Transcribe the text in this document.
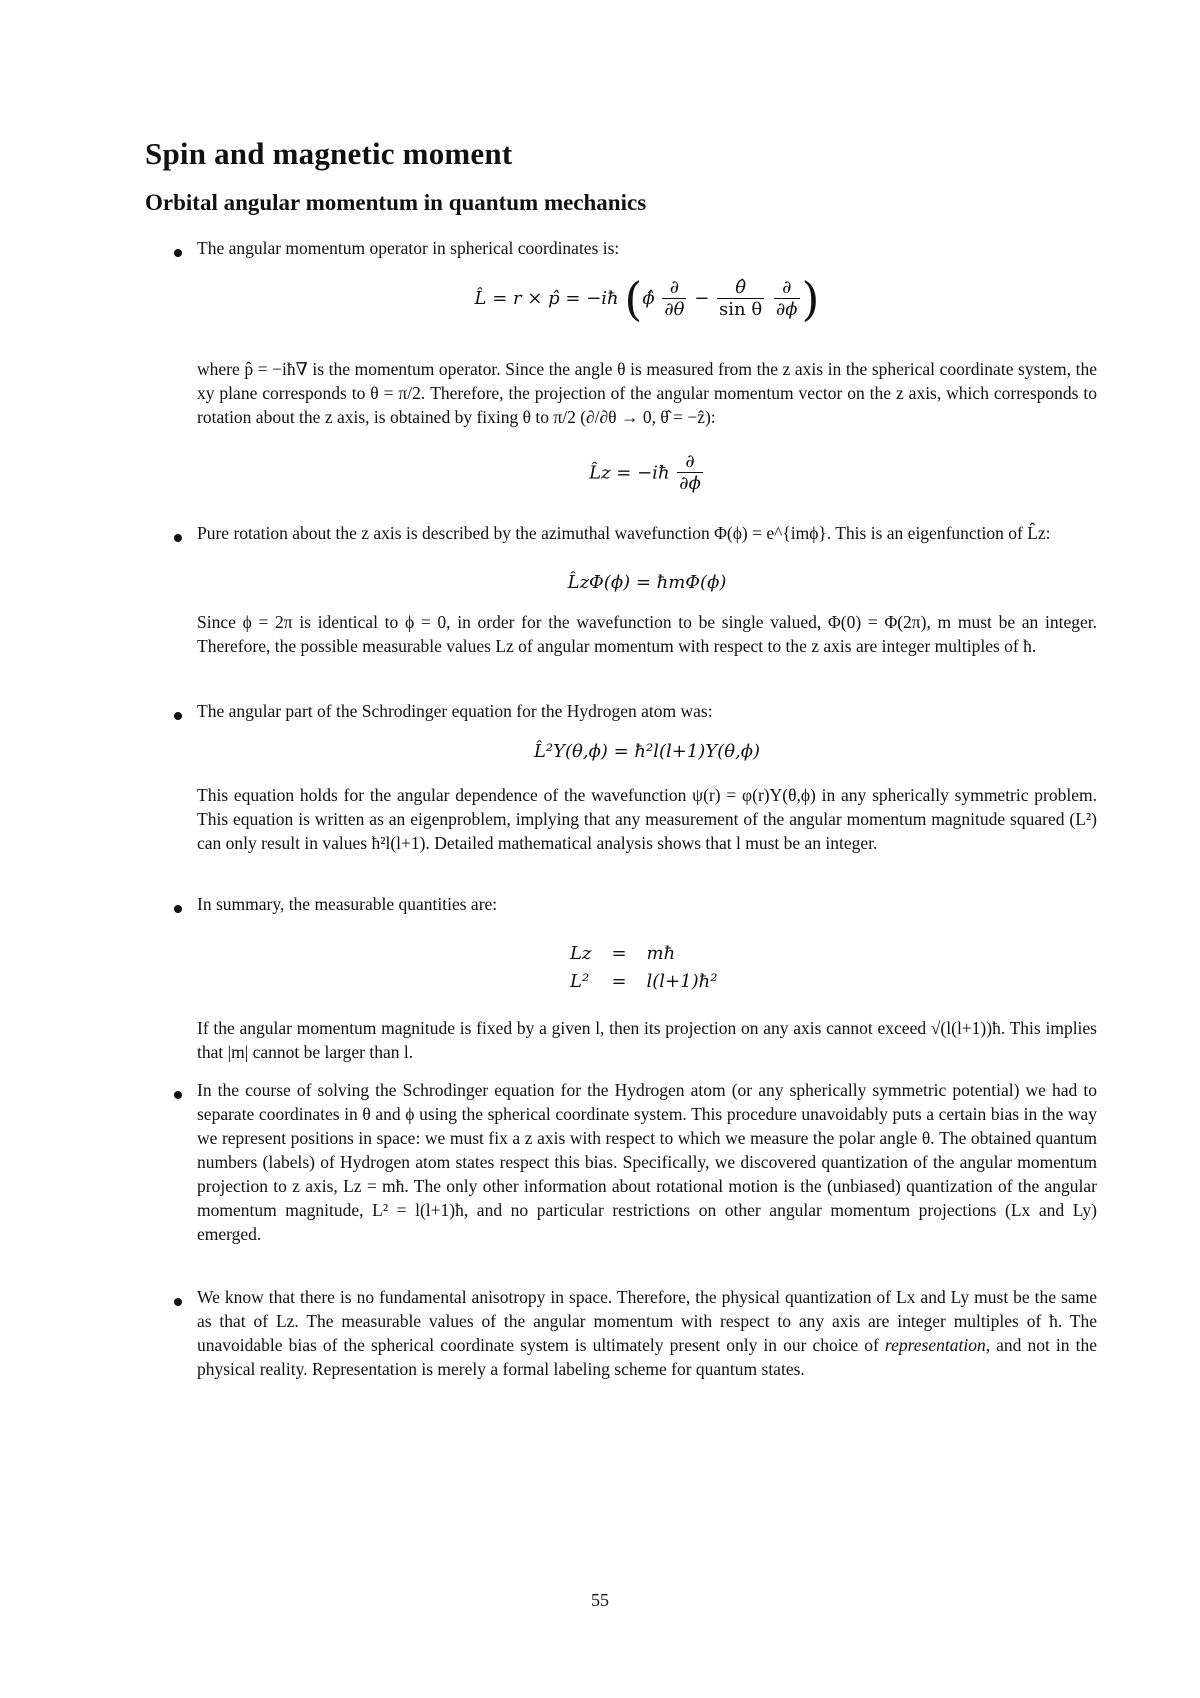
Spin and magnetic moment
Orbital angular momentum in quantum mechanics

The angular momentum operator in spherical coordinates is:

L̂ = r × p̂ = −iħ (ϕ̂ $\frac{\partial}{\partial\theta} - \frac{\thetâ}{\text{sin θ}}$
$\frac{\partial}{\partial\phi}$ )

where p̂ = −iħ∇ is the momentum operator. Since the angle θ is measured from the z axis in the spherical coordinate system, the xy plane corresponds to θ = π/2. Therefore, the projection of the angular momentum vector on the z axis, which corresponds to rotation about the z axis, is obtained by fixing θ to π/2 (∂/∂θ → 0, θ̂ = −ẑ):

L̂z = −iħ $\frac{\partial}{\partial\phi}$

Pure rotation about the z axis is described by the azimuthal wavefunction Φ(ϕ) = e^{imϕ}. This is an eigenfunction of L̂z:

L̂zΦ(ϕ) = ħmΦ(ϕ)

Since ϕ = 2π is identical to ϕ = 0, in order for the wavefunction to be single valued, Φ(0) = Φ(2π), m must be an integer. Therefore, the possible measurable values Lz of angular momentum with respect to the z axis are integer multiples of ħ.

The angular part of the Schrodinger equation for the Hydrogen atom was:

L̂²Y(θ,ϕ) = ħ²l(l+1)Y(θ,ϕ)

This equation holds for the angular dependence of the wavefunction ψ(r) = φ(r)Y(θ,ϕ) in any spherically symmetric problem. This equation is written as an eigenproblem, implying that any measurement of the angular momentum magnitude squared (L²) can only result in values ħ²l(l+1). Detailed mathematical analysis shows that l must be an integer.

In summary, the measurable quantities are:

Lz	=	mħ
L²	=	l(l+1)ħ²

If the angular momentum magnitude is fixed by a given l, then its projection on any axis cannot exceed √(l(l+1))ħ. This implies that |m| cannot be larger than l.

In the course of solving the Schrodinger equation for the Hydrogen atom (or any spherically symmetric potential) we had to separate coordinates in θ and ϕ using the spherical coordinate system. This procedure unavoidably puts a certain bias in the way we represent positions in space: we must fix a z axis with respect to which we measure the polar angle θ. The obtained quantum numbers (labels) of Hydrogen atom states respect this bias. Specifically, we discovered quantization of the angular momentum projection to z axis, Lz = mħ. The only other information about rotational motion is the (unbiased) quantization of the angular momentum magnitude, L² = l(l+1)ħ, and no particular restrictions on other angular momentum projections (Lx and Ly) emerged.

We know that there is no fundamental anisotropy in space. Therefore, the physical quantization of Lx and Ly must be the same as that of Lz. The measurable values of the angular momentum with respect to any axis are integer multiples of ħ. The unavoidable bias of the spherical coordinate system is ultimately present only in our choice of representation, and not in the physical reality. Representation is merely a formal labeling scheme for quantum states.

55
